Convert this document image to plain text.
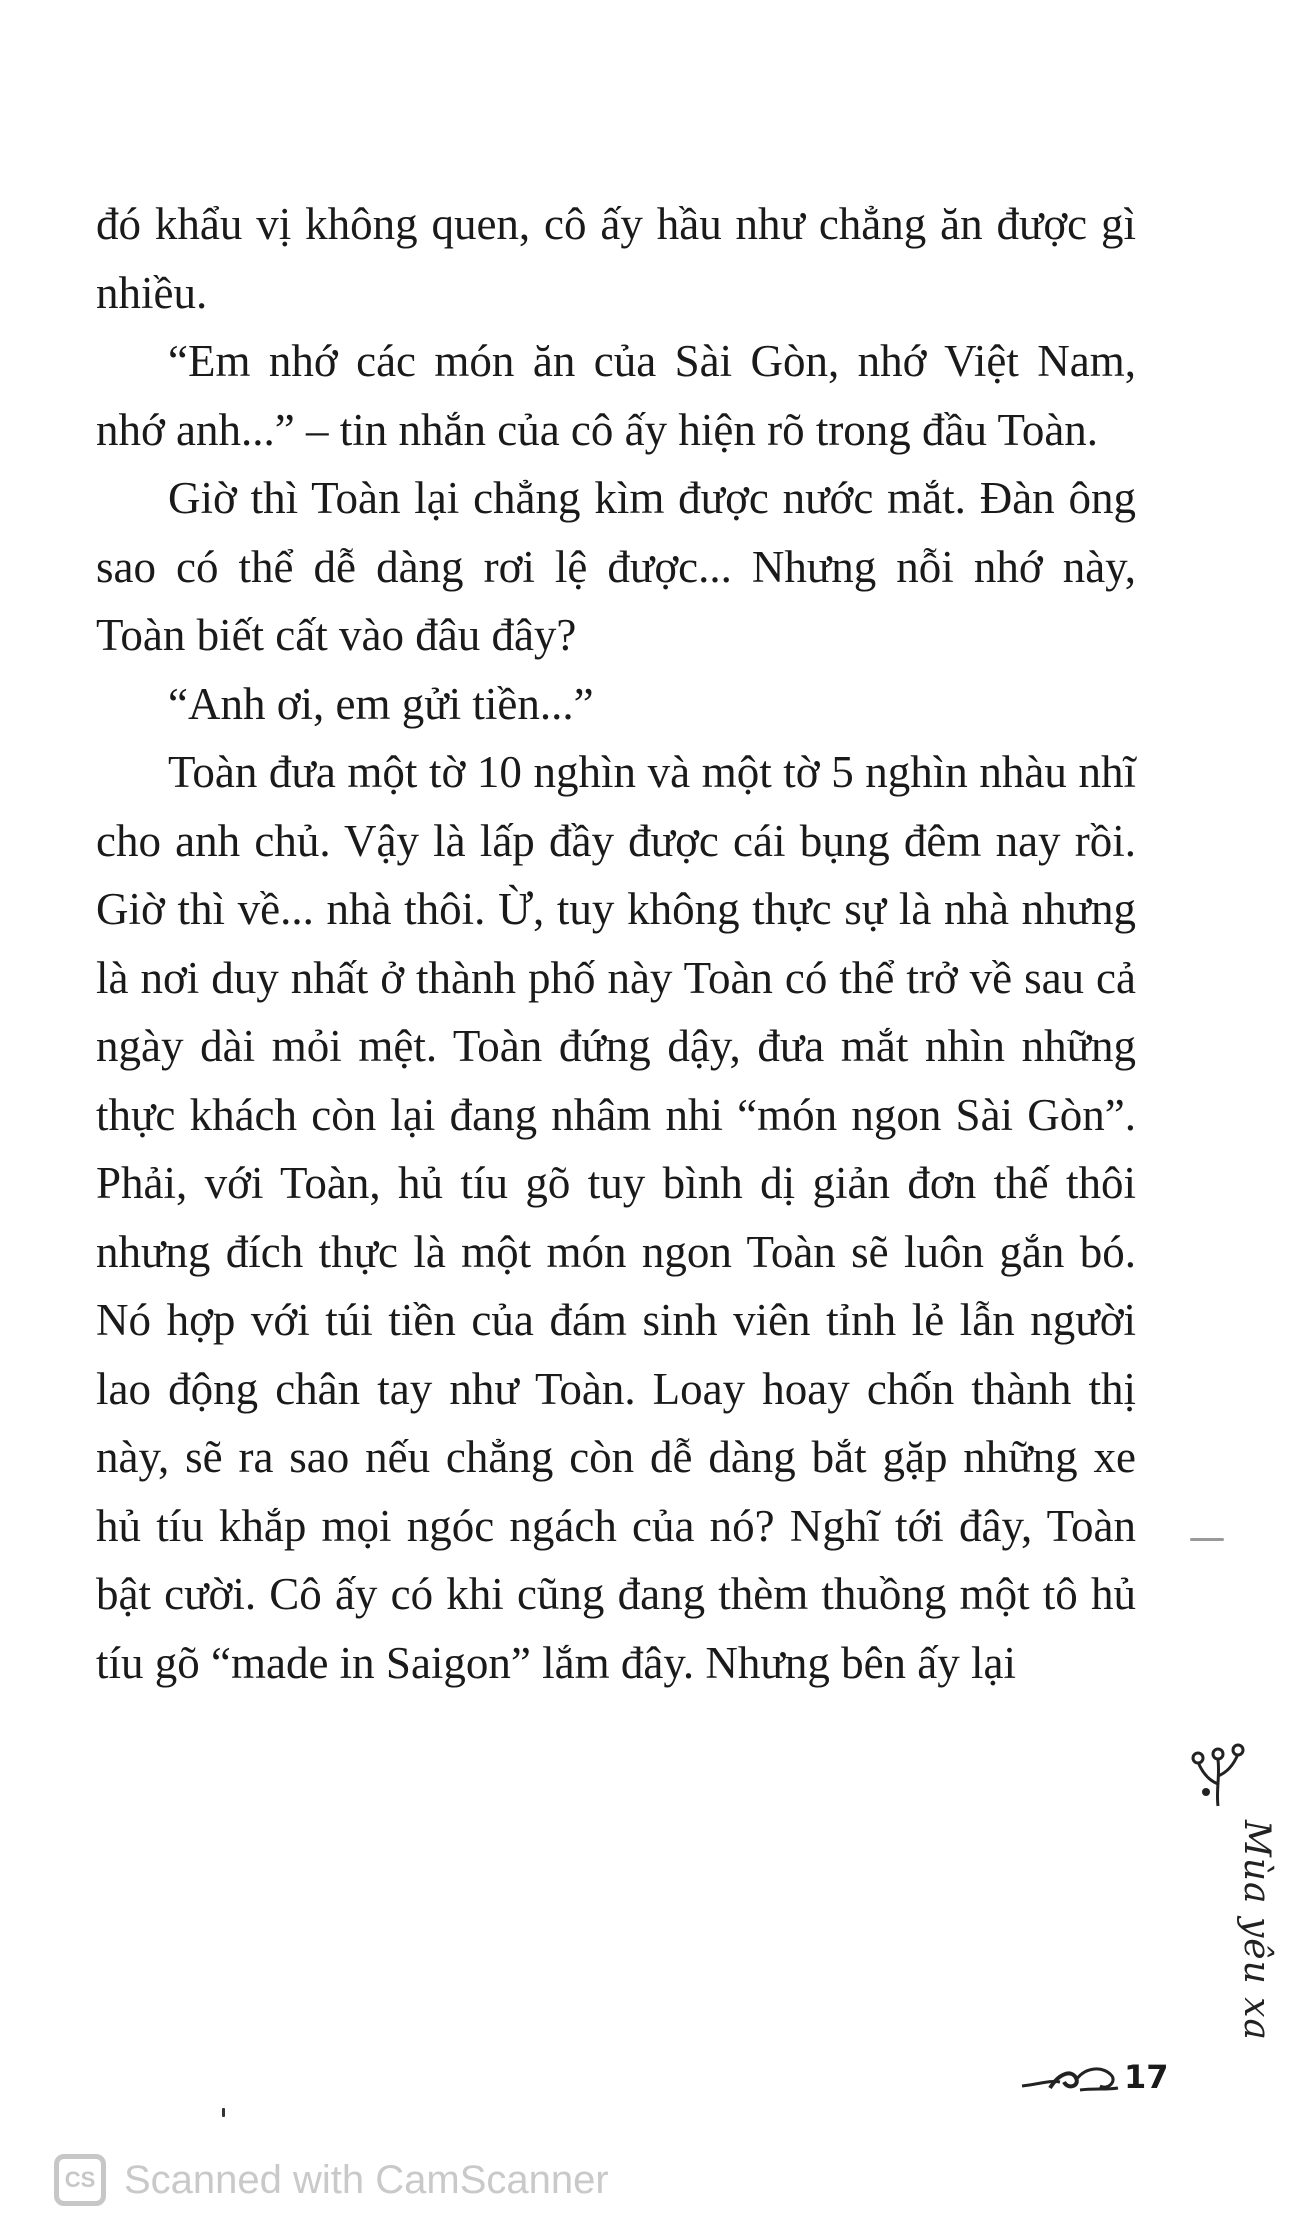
đó khẩu vị không quen, cô ấy hầu như chẳng ăn được gì nhiều.

“Em nhớ các món ăn của Sài Gòn, nhớ Việt Nam, nhớ anh...” – tin nhắn của cô ấy hiện rõ trong đầu Toàn.

Giờ thì Toàn lại chẳng kìm được nước mắt. Đàn ông sao có thể dễ dàng rơi lệ được... Nhưng nỗi nhớ này, Toàn biết cất vào đâu đây?

“Anh ơi, em gửi tiền...”

Toàn đưa một tờ 10 nghìn và một tờ 5 nghìn nhàu nhĩ cho anh chủ. Vậy là lấp đầy được cái bụng đêm nay rồi. Giờ thì về... nhà thôi. Ừ, tuy không thực sự là nhà nhưng là nơi duy nhất ở thành phố này Toàn có thể trở về sau cả ngày dài mỏi mệt. Toàn đứng dậy, đưa mắt nhìn những thực khách còn lại đang nhâm nhi “món ngon Sài Gòn”. Phải, với Toàn, hủ tíu gõ tuy bình dị giản đơn thế thôi nhưng đích thực là một món ngon Toàn sẽ luôn gắn bó. Nó hợp với túi tiền của đám sinh viên tỉnh lẻ lẫn người lao động chân tay như Toàn. Loay hoay chốn thành thị này, sẽ ra sao nếu chẳng còn dễ dàng bắt gặp những xe hủ tíu khắp mọi ngóc ngách của nó? Nghĩ tới đây, Toàn bật cười. Cô ấy có khi cũng đang thèm thuồng một tô hủ tíu gõ “made in Saigon” lắm đây. Nhưng bên ấy lại

Mùa yêu xa
17
CS Scanned with CamScanner
